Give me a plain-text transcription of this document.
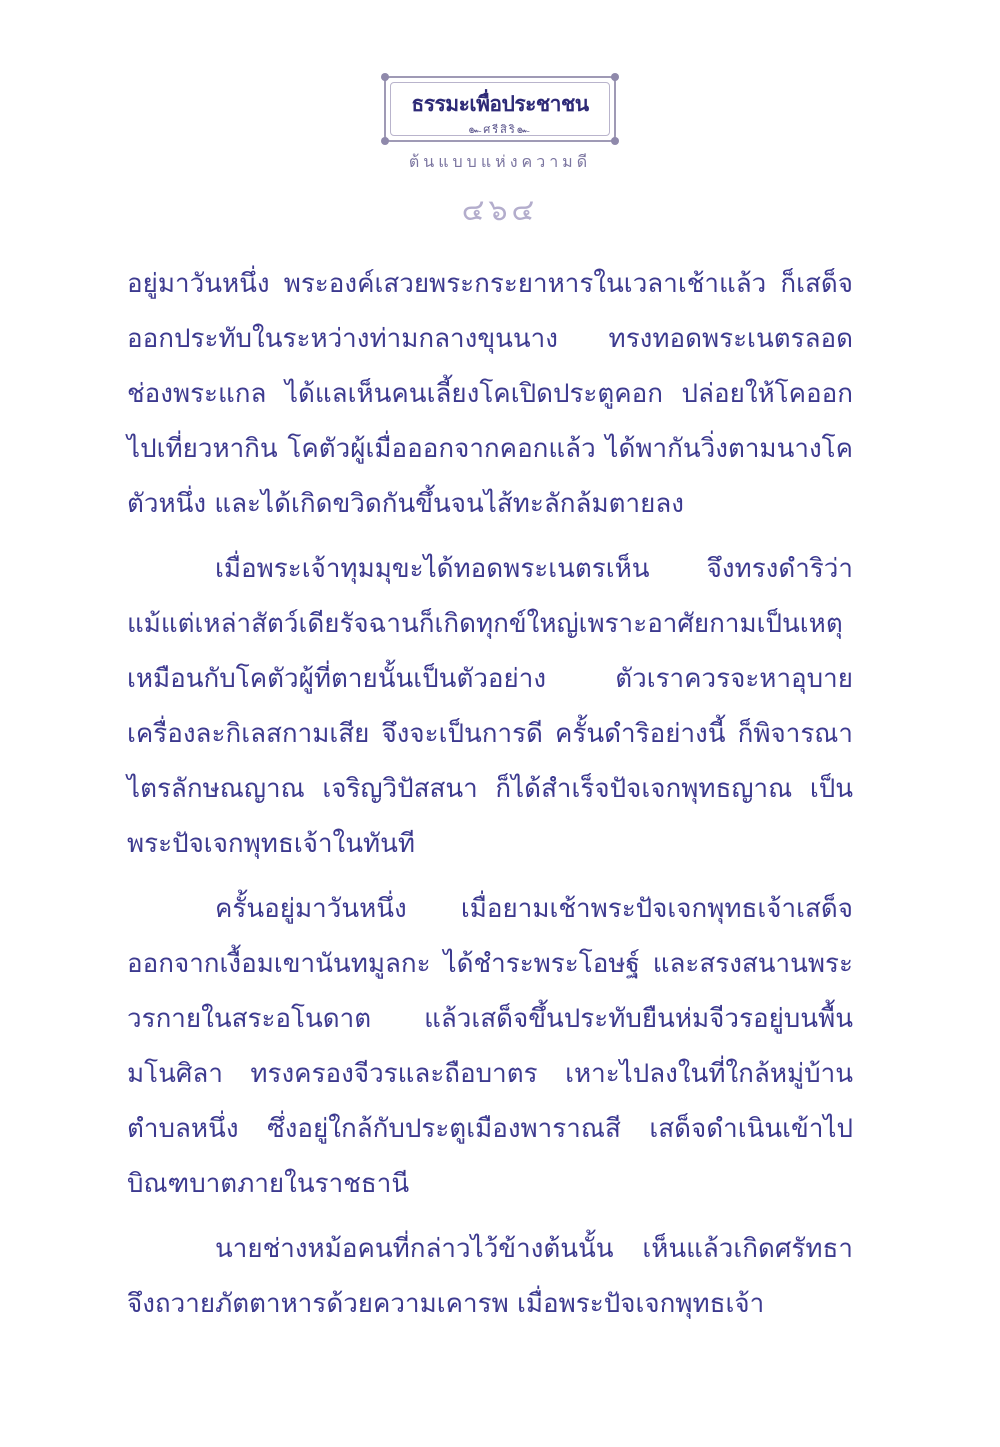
ธรรมะเพื่อประชาชน
๛ศรีสิริ๛
ต้นแบบแห่งความดี
๔๖๔

อยู่มาวันหนึ่ง พระองค์เสวยพระกระยาหารในเวลาเช้าแล้ว ก็เสด็จออกประทับในระหว่างท่ามกลางขุนนาง ทรงทอดพระเนตรลอดช่องพระแกล ได้แลเห็นคนเลี้ยงโคเปิดประตูคอก ปล่อยให้โคออกไปเที่ยวหากิน โคตัวผู้เมื่อออกจากคอกแล้ว ได้พากันวิ่งตามนางโคตัวหนึ่ง และได้เกิดขวิดกันขึ้นจนไส้ทะลักล้มตายลง

เมื่อพระเจ้าทุมมุขะได้ทอดพระเนตรเห็น จึงทรงดำริว่า แม้แต่เหล่าสัตว์เดียรัจฉานก็เกิดทุกข์ใหญ่เพราะอาศัยกามเป็นเหตุ เหมือนกับโคตัวผู้ที่ตายนั้นเป็นตัวอย่าง ตัวเราควรจะหาอุบายเครื่องละกิเลสกามเสีย จึงจะเป็นการดี ครั้นดำริอย่างนี้ ก็พิจารณาไตรลักษณญาณ เจริญวิปัสสนา ก็ได้สำเร็จปัจเจกพุทธญาณ เป็นพระปัจเจกพุทธเจ้าในทันที

ครั้นอยู่มาวันหนึ่ง เมื่อยามเช้าพระปัจเจกพุทธเจ้าเสด็จออกจากเงื้อมเขานันทมูลกะ ได้ชำระพระโอษฐ์ และสรงสนานพระวรกายในสระอโนดาต แล้วเสด็จขึ้นประทับยืนห่มจีวรอยู่บนพื้นมโนศิลา ทรงครองจีวรและถือบาตร เหาะไปลงในที่ใกล้หมู่บ้านตำบลหนึ่ง ซึ่งอยู่ใกล้กับประตูเมืองพาราณสี เสด็จดำเนินเข้าไปบิณฑบาตภายในราชธานี

นายช่างหม้อคนที่กล่าวไว้ข้างต้นนั้น เห็นแล้วเกิดศรัทธา จึงถวายภัตตาหารด้วยความเคารพ เมื่อพระปัจเจกพุทธเจ้า
